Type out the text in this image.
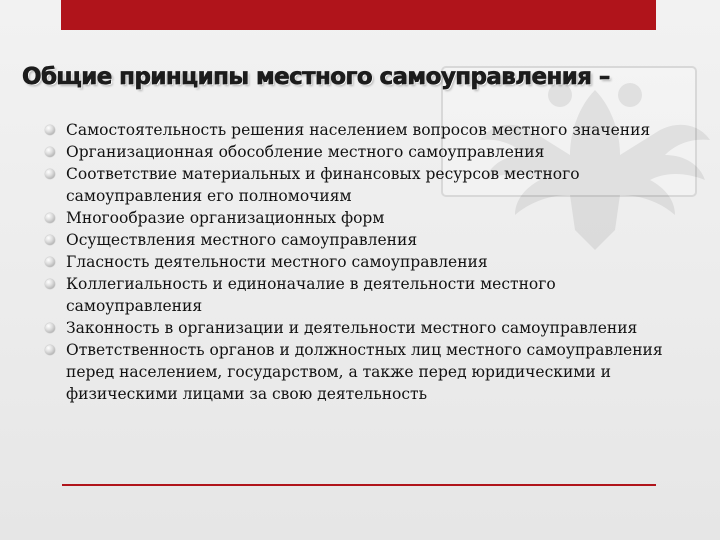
Общие принципы местного самоуправления –
Самостоятельность решения населением вопросов местного значения
Организационная обособление местного самоуправления
Соответствие материальных и финансовых ресурсов местного самоуправления его полномочиям
Многообразие организационных форм
Осуществления местного самоуправления
Гласность деятельности местного самоуправления
Коллегиальность и единоначалие в деятельности местного самоуправления
Законность в организации и деятельности местного самоуправления
Ответственность органов и должностных лиц местного самоуправления перед населением, государством, а также перед юридическими и физическими лицами за свою деятельность
